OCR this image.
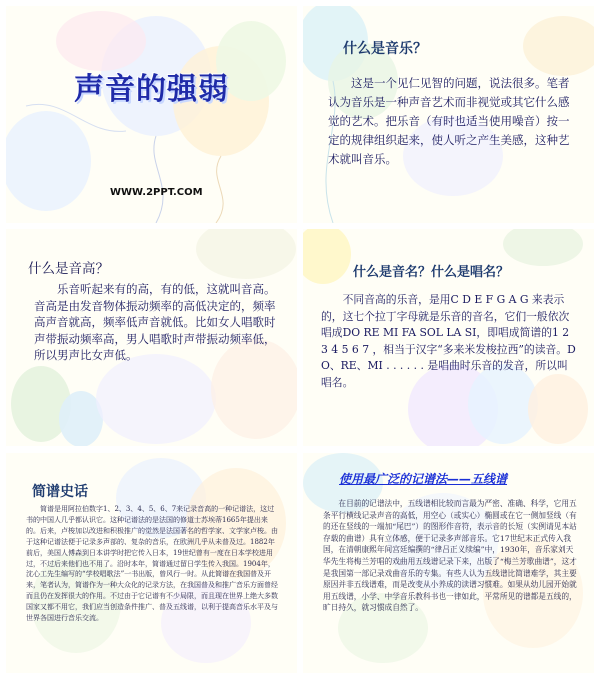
声音的强弱
WWW.2PPT.COM
什么是音乐？
这是一个见仁见智的问题，说法很多。笔者认为音乐是一种声音艺术而非视觉或其它什么感觉的艺术。把乐音（有时也适当使用噪音）按一定的规律组织起来，使人听之产生美感，这种艺术就叫音乐。
什么是音高？
乐音听起来有的高，有的低，这就叫音高。音高是由发音物体振动频率的高低决定的，频率高声音就高，频率低声音就低。比如女人唱歌时声带振动频率高，男人唱歌时声带振动频率低，所以男声比女声低。
什么是音名？什么是唱名？
不同音高的乐音，是用C D E F G A G 来表示的，这七个拉丁字母就是乐音的音名，它们一般依次唱成DO RE MI FA SOL LA SI，即唱成简谱的1 2 3 4 5 6 7 ，相当于汉字“多来米发梭拉西”的读音。DO、RE、MI . . . . . . 是唱曲时乐音的发音，所以叫唱名。
简谱史话
简谱是用阿拉伯数字1、2、3、4、5、6、7来记录音高的一种记谱法，这过书的中国人几乎都认识它。这种记谱法的是法国的修道士苏埃蒂1665年提出来的。后来，卢梭加以改进和积极推广的觉然是法国著名的哲学家、文学家卢梭。由于这种记谱法便于记录多声部的、复杂的音乐，在欧洲几乎从未普及过。1882年前后，美国人傅森到日本讲学时把它传入日本，19世纪曾有一度在日本学校进用过，不过后来他们也不用了。沿时本年，简谱通过留日学生传入我国。1904年，沈心工先生编写的“学校唱歌法”一书出版，曾风行一时。从此简谱在我国普及开来，笔者认为，简谱作为一种大众化的记录方法，在我国普及和推广音乐方面曾经而且仍在发挥很大的作用。不过由于它记谱有不少局限，而且现在世界上绝大多数国家又都不用它，我们应当创造条件推广、普及五线谱，以利于提高音乐水平及与世界各国进行音乐交流。
使用最广泛的记谱法——五线谱
在目前的记谱法中，五线谱相比较而言最为严密、准确、科学，它用五条平行横线记录声音的高低，用空心（或实心）椭圆或在它一侧加竖线（有的还在竖线的一端加“尾巴”）的图形作音符，表示音的长短（实例请见本站存载的曲谱）具有立体感，便于记录多声部音乐。它17世纪末正式传入我国，在清朝康熙年间宫廷编撰的“律吕正义续编”中，1930年，音乐家刘天华先生将梅兰芳唱的戏曲用五线谱记录下来，出版了“梅兰芳歌曲谱”，这才是我国第一部记录戏曲音乐的专集。有些人认为五线谱比简谱难学，其主要原因并非五线谱难，而是改变从小养成的读谱习惯难。如果从幼儿园开始就用五线谱，小学、中学音乐教科书也一律如此，平常所见的谱都是五线的，旷日持久，就习惯成自然了。
